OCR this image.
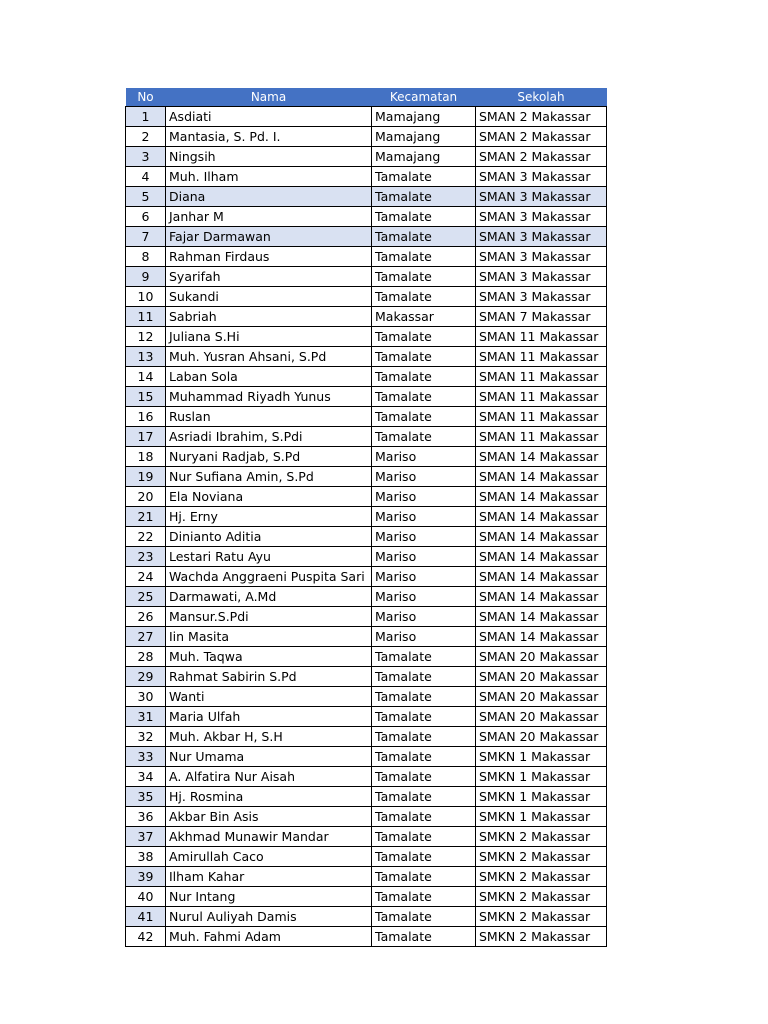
No	Nama	Kecamatan	Sekolah
1	Asdiati	Mamajang	SMAN 2 Makassar
2	Mantasia, S. Pd. I.	Mamajang	SMAN 2 Makassar
3	Ningsih	Mamajang	SMAN 2 Makassar
4	Muh. Ilham	Tamalate	SMAN 3 Makassar
5	Diana	Tamalate	SMAN 3 Makassar
6	Janhar M	Tamalate	SMAN 3 Makassar
7	Fajar Darmawan	Tamalate	SMAN 3 Makassar
8	Rahman Firdaus	Tamalate	SMAN 3 Makassar
9	Syarifah	Tamalate	SMAN 3 Makassar
10	Sukandi	Tamalate	SMAN 3 Makassar
11	Sabriah	Makassar	SMAN 7 Makassar
12	Juliana S.Hi	Tamalate	SMAN 11 Makassar
13	Muh. Yusran Ahsani, S.Pd	Tamalate	SMAN 11 Makassar
14	Laban Sola	Tamalate	SMAN 11 Makassar
15	Muhammad Riyadh Yunus	Tamalate	SMAN 11 Makassar
16	Ruslan	Tamalate	SMAN 11 Makassar
17	Asriadi Ibrahim, S.Pdi	Tamalate	SMAN 11 Makassar
18	Nuryani Radjab, S.Pd	Mariso	SMAN 14 Makassar
19	Nur Sufiana Amin, S.Pd	Mariso	SMAN 14 Makassar
20	Ela Noviana	Mariso	SMAN 14 Makassar
21	Hj. Erny	Mariso	SMAN 14 Makassar
22	Dinianto Aditia	Mariso	SMAN 14 Makassar
23	Lestari Ratu Ayu	Mariso	SMAN 14 Makassar
24	Wachda Anggraeni Puspita Sari	Mariso	SMAN 14 Makassar
25	Darmawati, A.Md	Mariso	SMAN 14 Makassar
26	Mansur.S.Pdi	Mariso	SMAN 14 Makassar
27	Iin Masita	Mariso	SMAN 14 Makassar
28	Muh. Taqwa	Tamalate	SMAN 20 Makassar
29	Rahmat Sabirin S.Pd	Tamalate	SMAN 20 Makassar
30	Wanti	Tamalate	SMAN 20 Makassar
31	Maria Ulfah	Tamalate	SMAN 20 Makassar
32	Muh. Akbar H, S.H	Tamalate	SMAN 20 Makassar
33	Nur Umama	Tamalate	SMKN 1 Makassar
34	A. Alfatira Nur Aisah	Tamalate	SMKN 1 Makassar
35	Hj. Rosmina	Tamalate	SMKN 1 Makassar
36	Akbar Bin Asis	Tamalate	SMKN 1 Makassar
37	Akhmad Munawir Mandar	Tamalate	SMKN 2 Makassar
38	Amirullah Caco	Tamalate	SMKN 2 Makassar
39	Ilham Kahar	Tamalate	SMKN 2 Makassar
40	Nur Intang	Tamalate	SMKN 2 Makassar
41	Nurul Auliyah Damis	Tamalate	SMKN 2 Makassar
42	Muh. Fahmi Adam	Tamalate	SMKN 2 Makassar
